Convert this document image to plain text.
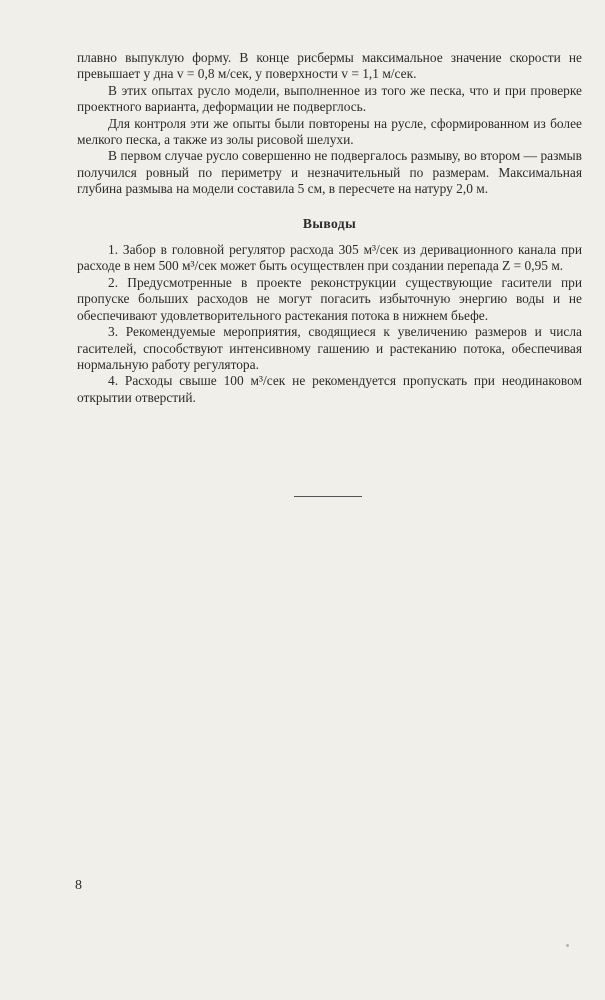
плавно выпуклую форму. В конце рисбермы максимальное значение скорости не превышает у дна v = 0,8 м/сек, у поверхности v = 1,1 м/сек.

В этих опытах русло модели, выполненное из того же песка, что и при проверке проектного варианта, деформации не подверглось.

Для контроля эти же опыты были повторены на русле, сформированном из более мелкого песка, а также из золы рисовой шелухи.

В первом случае русло совершенно не подвергалось размыву, во втором — размыв получился ровный по периметру и незначительный по размерам. Максимальная глубина размыва на модели составила 5 см, в пересчете на натуру 2,0 м.

Выводы

1. Забор в головной регулятор расхода 305 м³/сек из деривационного канала при расходе в нем 500 м³/сек может быть осуществлен при создании перепада Z = 0,95 м.

2. Предусмотренные в проекте реконструкции существующие гасители при пропуске больших расходов не могут погасить избыточную энергию воды и не обеспечивают удовлетворительного растекания потока в нижнем бьефе.

3. Рекомендуемые мероприятия, сводящиеся к увеличению размеров и числа гасителей, способствуют интенсивному гашению и растеканию потока, обеспечивая нормальную работу регулятора.

4. Расходы свыше 100 м³/сек не рекомендуется пропускать при неодинаковом открытии отверстий.

8
